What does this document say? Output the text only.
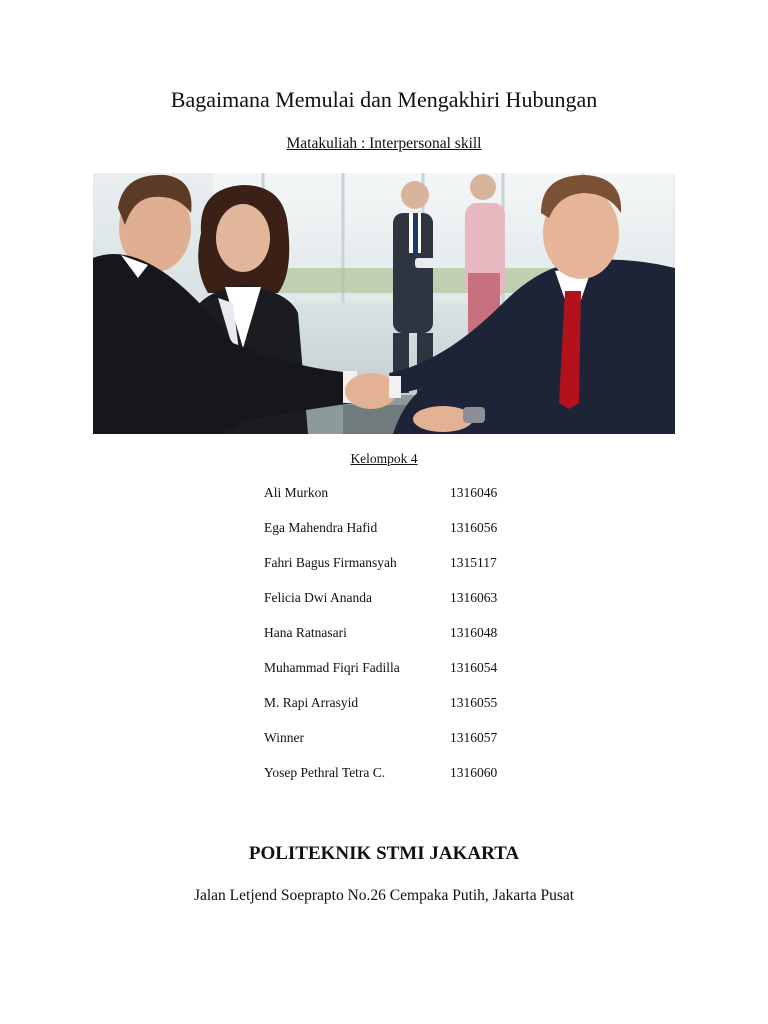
Bagaimana Memulai dan Mengakhiri Hubungan
Matakuliah : Interpersonal skill
Kelompok 4
Ali Murkon	1316046
Ega Mahendra Hafid	1316056
Fahri Bagus Firmansyah	1315117
Felicia Dwi Ananda	1316063
Hana Ratnasari	1316048
Muhammad Fiqri Fadilla	1316054
M. Rapi Arrasyid	1316055
Winner	1316057
Yosep Pethral Tetra C.	1316060
POLITEKNIK STMI JAKARTA
Jalan Letjend Soeprapto No.26 Cempaka Putih, Jakarta Pusat
